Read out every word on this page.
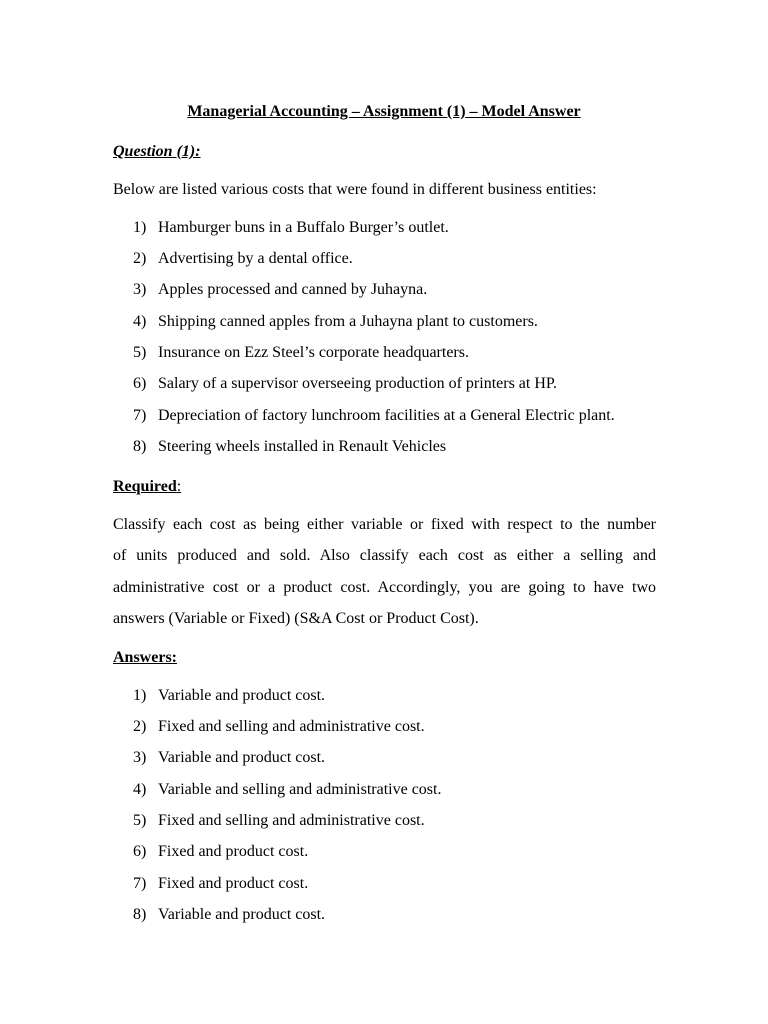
Managerial Accounting – Assignment (1) – Model Answer
Question (1):

Below are listed various costs that were found in different business entities:

1) Hamburger buns in a Buffalo Burger’s outlet.
2) Advertising by a dental office.
3) Apples processed and canned by Juhayna.
4) Shipping canned apples from a Juhayna plant to customers.
5) Insurance on Ezz Steel’s corporate headquarters.
6) Salary of a supervisor overseeing production of printers at HP.
7) Depreciation of factory lunchroom facilities at a General Electric plant.
8) Steering wheels installed in Renault Vehicles
Required:

Classify each cost as being either variable or fixed with respect to the number

of units produced and sold. Also classify each cost as either a selling and

administrative cost or a product cost. Accordingly, you are going to have two

answers (Variable or Fixed) (S&A Cost or Product Cost).

Answers:
1) Variable and product cost.
2) Fixed and selling and administrative cost.
3) Variable and product cost.
4) Variable and selling and administrative cost.
5) Fixed and selling and administrative cost.
6) Fixed and product cost.
7) Fixed and product cost.
8) Variable and product cost.
